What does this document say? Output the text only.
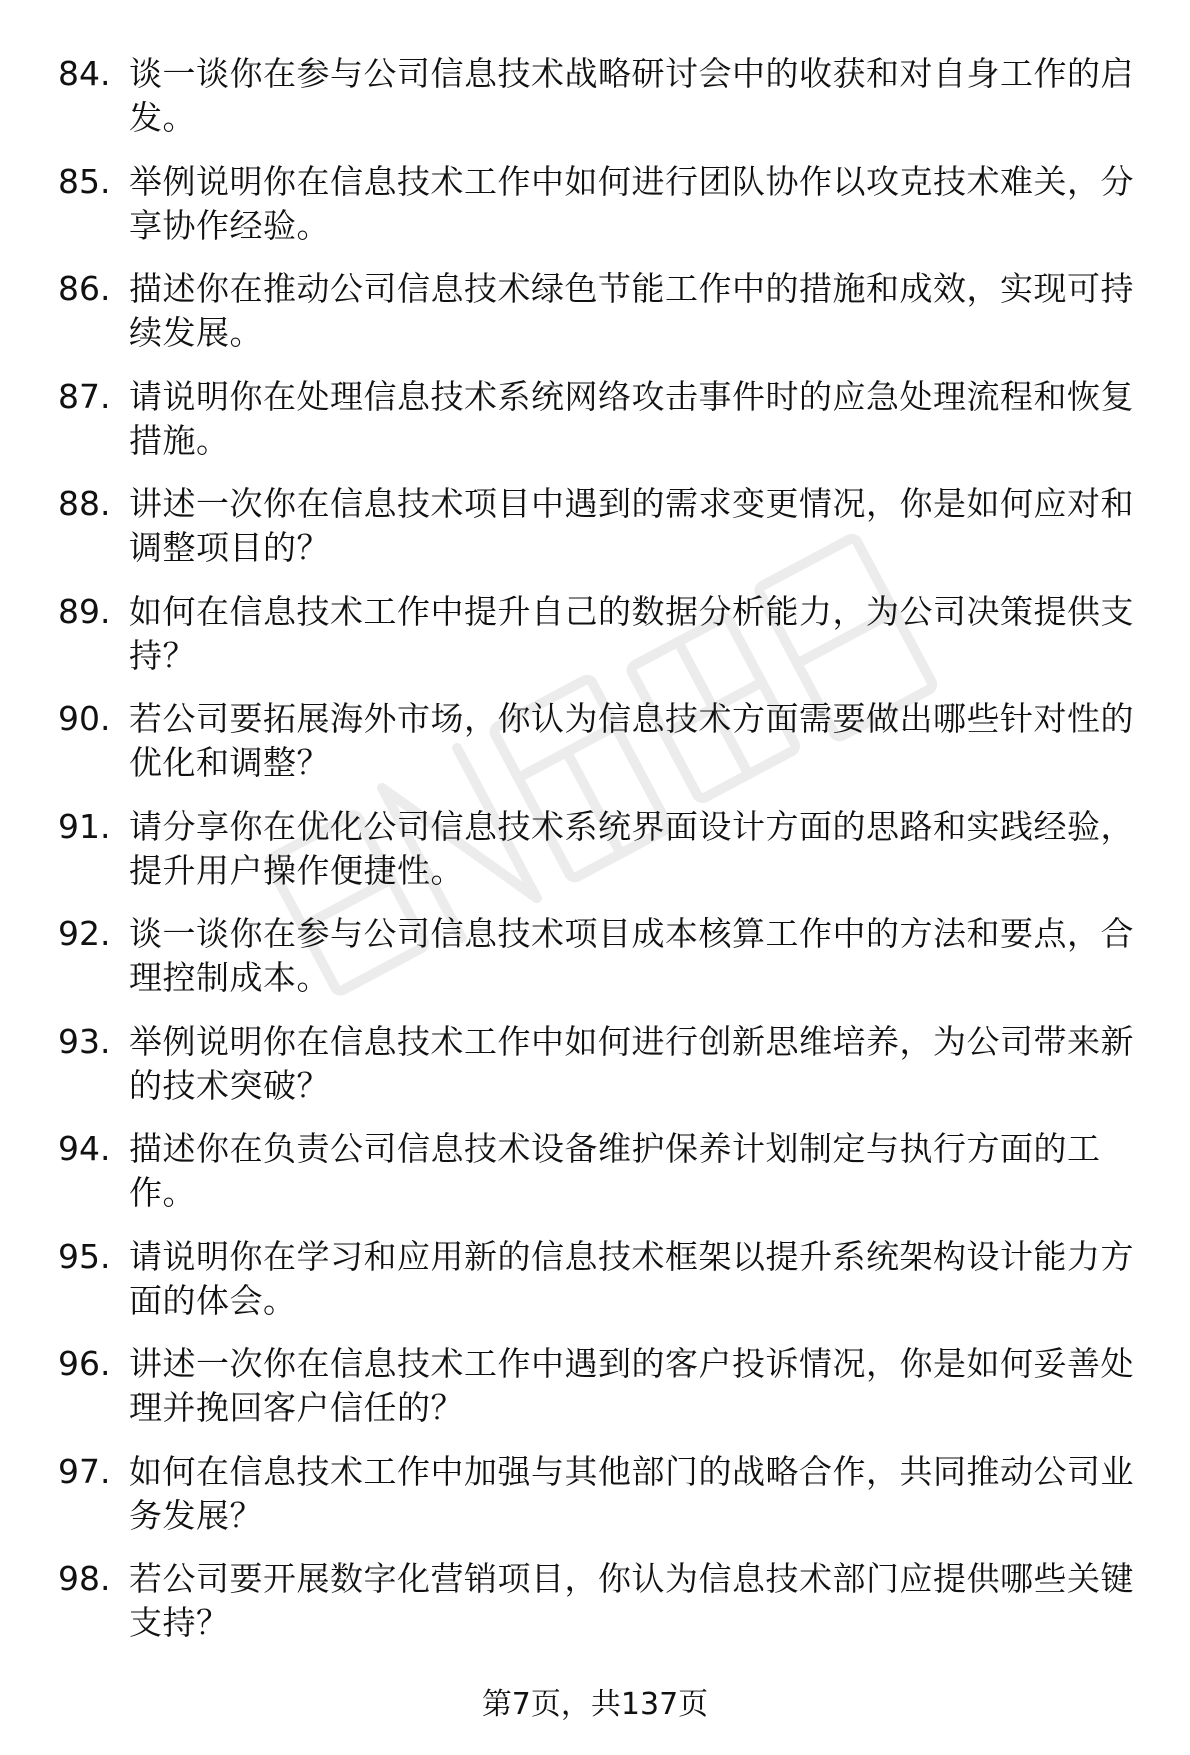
84. 谈一谈你在参与公司信息技术战略研讨会中的收获和对自身工作的启发。
85. 举例说明你在信息技术工作中如何进行团队协作以攻克技术难关，分享协作经验。
86. 描述你在推动公司信息技术绿色节能工作中的措施和成效，实现可持续发展。
87. 请说明你在处理信息技术系统网络攻击事件时的应急处理流程和恢复措施。
88. 讲述一次你在信息技术项目中遇到的需求变更情况，你是如何应对和调整项目的？
89. 如何在信息技术工作中提升自己的数据分析能力，为公司决策提供支持？
90. 若公司要拓展海外市场，你认为信息技术方面需要做出哪些针对性的优化和调整？
91. 请分享你在优化公司信息技术系统界面设计方面的思路和实践经验，提升用户操作便捷性。
92. 谈一谈你在参与公司信息技术项目成本核算工作中的方法和要点，合理控制成本。
93. 举例说明你在信息技术工作中如何进行创新思维培养，为公司带来新的技术突破？
94. 描述你在负责公司信息技术设备维护保养计划制定与执行方面的工作。
95. 请说明你在学习和应用新的信息技术框架以提升系统架构设计能力方面的体会。
96. 讲述一次你在信息技术工作中遇到的客户投诉情况，你是如何妥善处理并挽回客户信任的？
97. 如何在信息技术工作中加强与其他部门的战略合作，共同推动公司业务发展？
98. 若公司要开展数字化营销项目，你认为信息技术部门应提供哪些关键支持？
第7页，共137页
